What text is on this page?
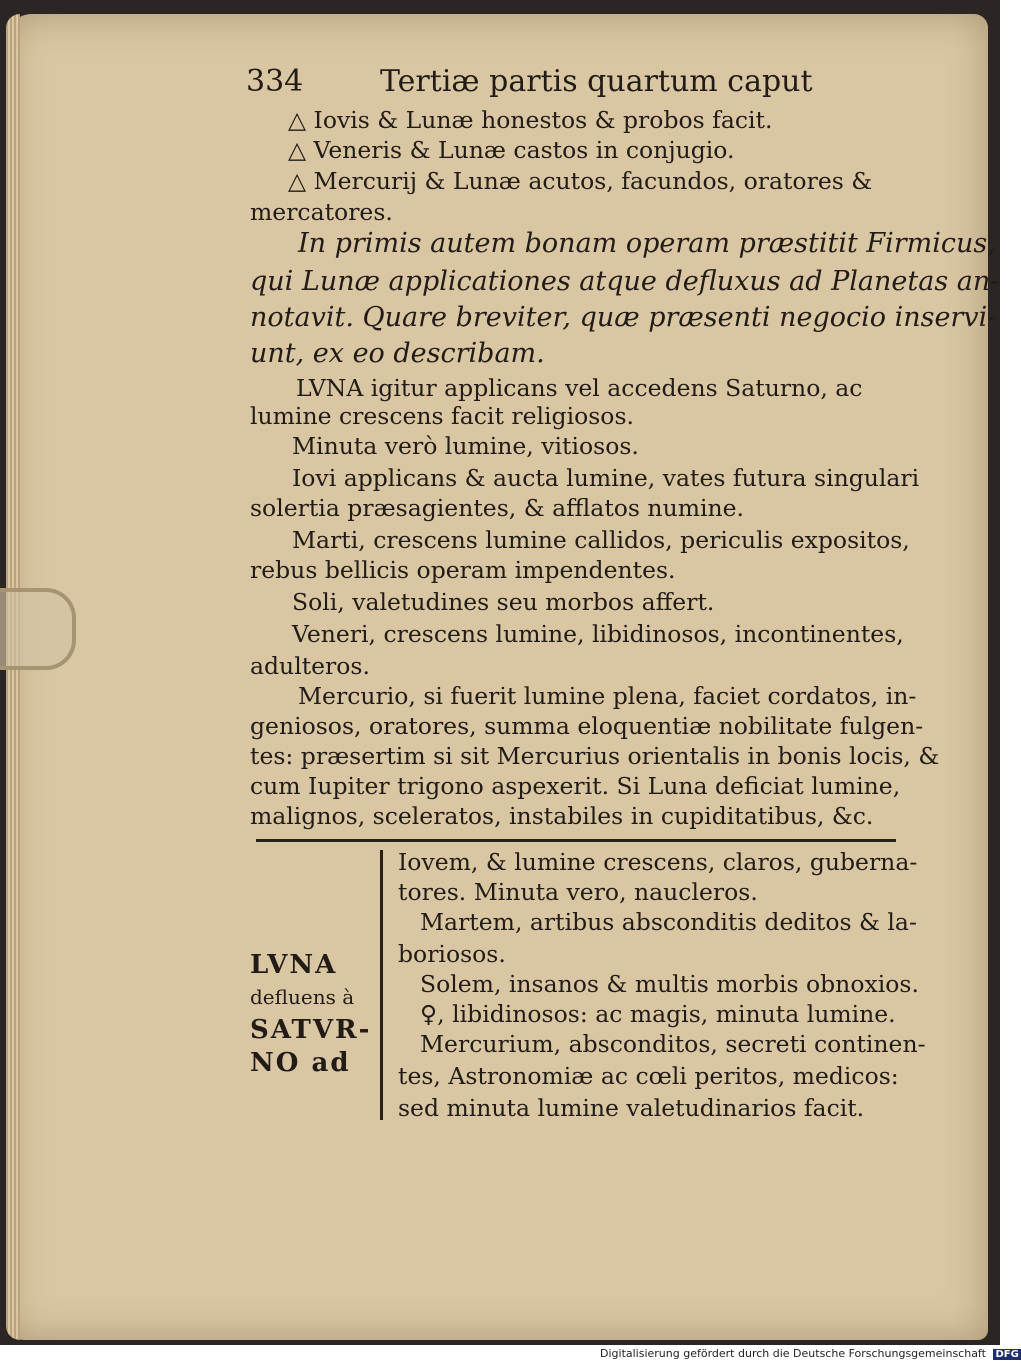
334	Tertiæ partis quartum caput
△ Iovis & Lunæ honestos & probos facit.
△ Veneris & Lunæ castos in conjugio.
△ Mercurij & Lunæ acutos, facundos, oratores &
mercatores.
In primis autem bonam operam præstitit Firmicus,
qui Lunæ applicationes atque defluxus ad Planetas an-
notavit. Quare breviter, quæ præsenti negocio inservi-
unt, ex eo describam.
LVNA igitur applicans vel accedens Saturno, ac
lumine crescens facit religiosos.
Minuta verò lumine, vitiosos.
Iovi applicans & aucta lumine, vates futura singulari
solertia præsagientes, & afflatos numine.
Marti, crescens lumine callidos, periculis expositos,
rebus bellicis operam impendentes.
Soli, valetudines seu morbos affert.
Veneri, crescens lumine, libidinosos, incontinentes,
adulteros.
Mercurio, si fuerit lumine plena, faciet cordatos, in-
geniosos, oratores, summa eloquentiæ nobilitate fulgen-
tes: præsertim si sit Mercurius orientalis in bonis locis, &
cum Iupiter trigono aspexerit. Si Luna deficiat lumine,
malignos, sceleratos, instabiles in cupiditatibus, &c.
LVNA
defluens à
SATVR-
NO ad
Iovem, & lumine crescens, claros, guberna-
tores. Minuta vero, naucleros.
Martem, artibus absconditis deditos & la-
boriosos.
Solem, insanos & multis morbis obnoxios.
♀, libidinosos: ac magis, minuta lumine.
Mercurium, absconditos, secreti continen-
tes, Astronomiæ ac cœli peritos, medicos:
sed minuta lumine valetudinarios facit.
Digitalisierung gefördert durch die Deutsche Forschungsgemeinschaft DFG
